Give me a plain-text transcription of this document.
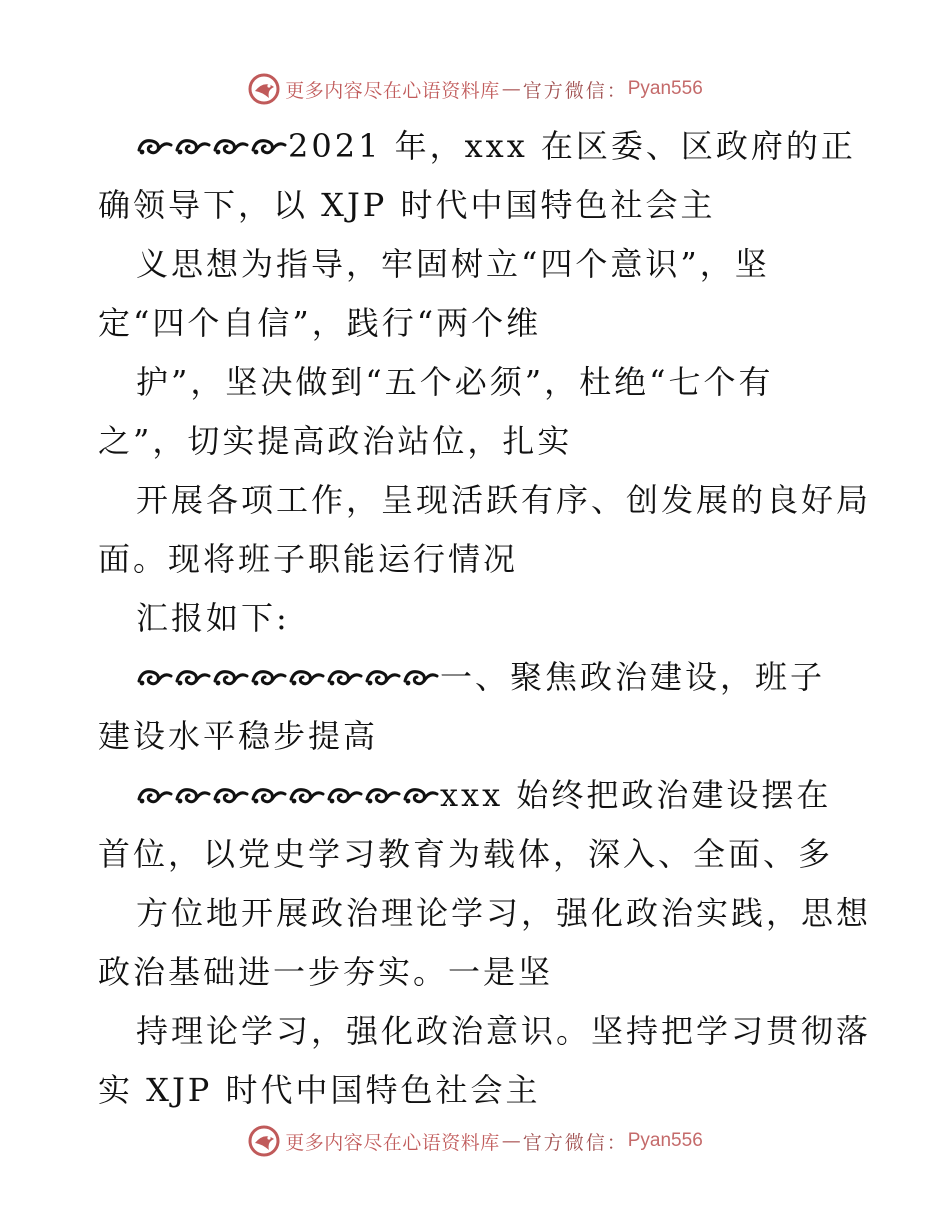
更多内容尽在心语资料库 — 官方微信： Pyan556
2021 年，xxx 在区委、区政府的正
确领导下，以 XJP 时代中国特色社会主
义思想为指导，牢固树立“四个意识”，坚
定“四个自信”，践行“两个维
护”，坚决做到“五个必须”，杜绝“七个有
之”，切实提高政治站位，扎实
开展各项工作，呈现活跃有序、创发展的良好局
面。现将班子职能运行情况
汇报如下:
一、聚焦政治建设，班子
建设水平稳步提高
xxx 始终把政治建设摆在
首位，以党史学习教育为载体，深入、全面、多
方位地开展政治理论学习，强化政治实践，思想
政治基础进一步夯实。一是坚
持理论学习，强化政治意识。坚持把学习贯彻落
实 XJP 时代中国特色社会主
更多内容尽在心语资料库 — 官方微信： Pyan556
